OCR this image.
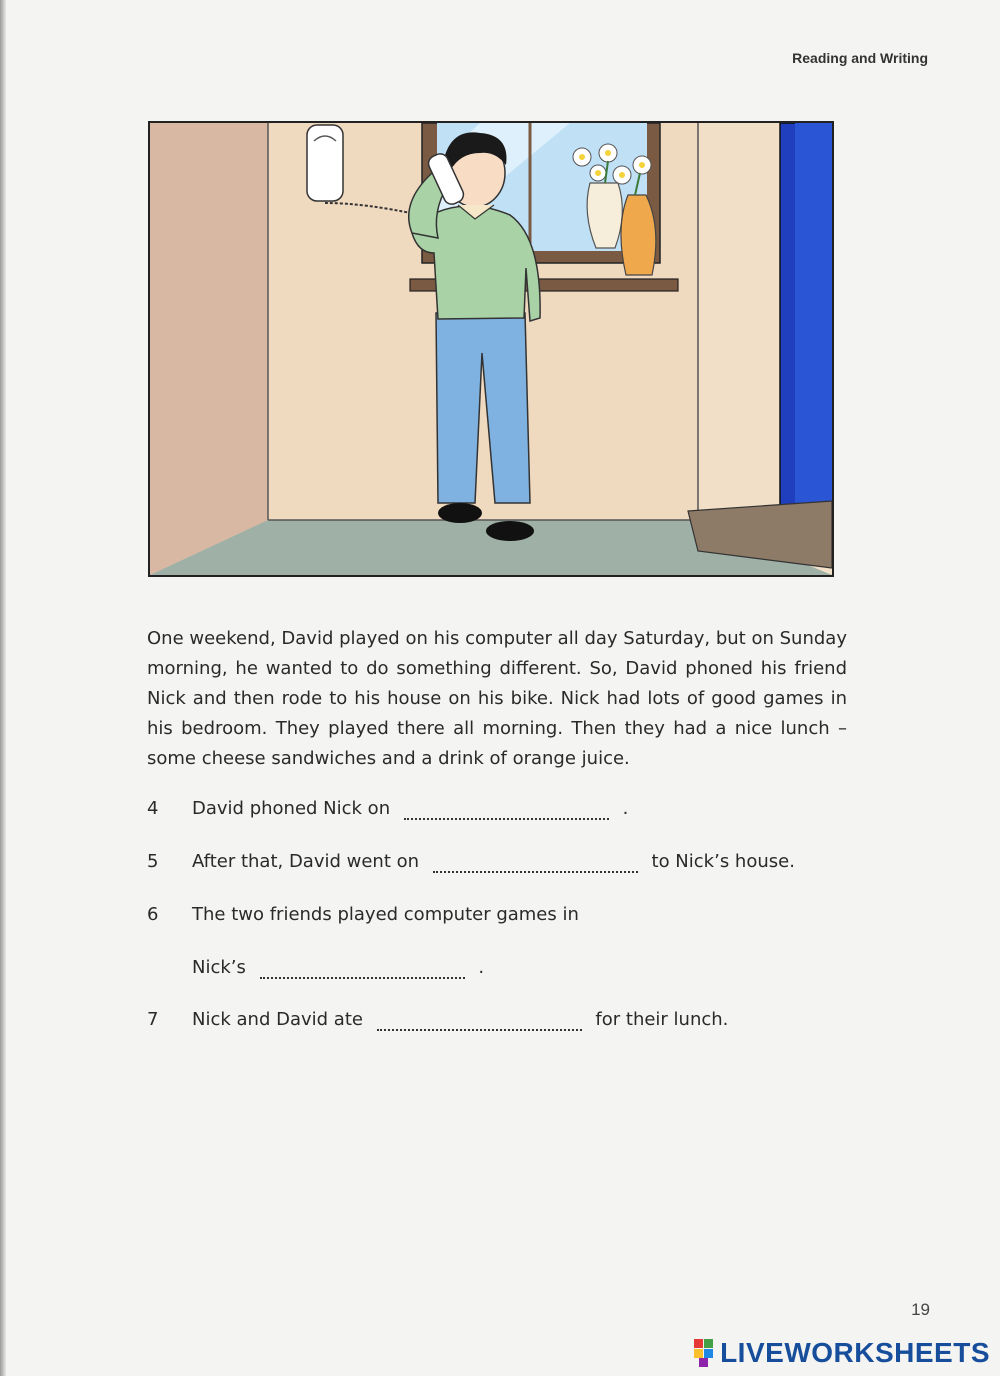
Reading and Writing
One weekend, David played on his computer all day Saturday, but on Sunday morning, he wanted to do something different. So, David phoned his friend Nick and then rode to his house on his bike. Nick had lots of good games in his bedroom. They played there all morning. Then they had a nice lunch – some cheese sandwiches and a drink of orange juice.
4 David phoned Nick on	.
5 After that, David went on	to Nick’s house.
6 The two friends played computer games in
Nick’s	.
7 Nick and David ate	for their lunch.
19
LIVEWORKSHEETS
